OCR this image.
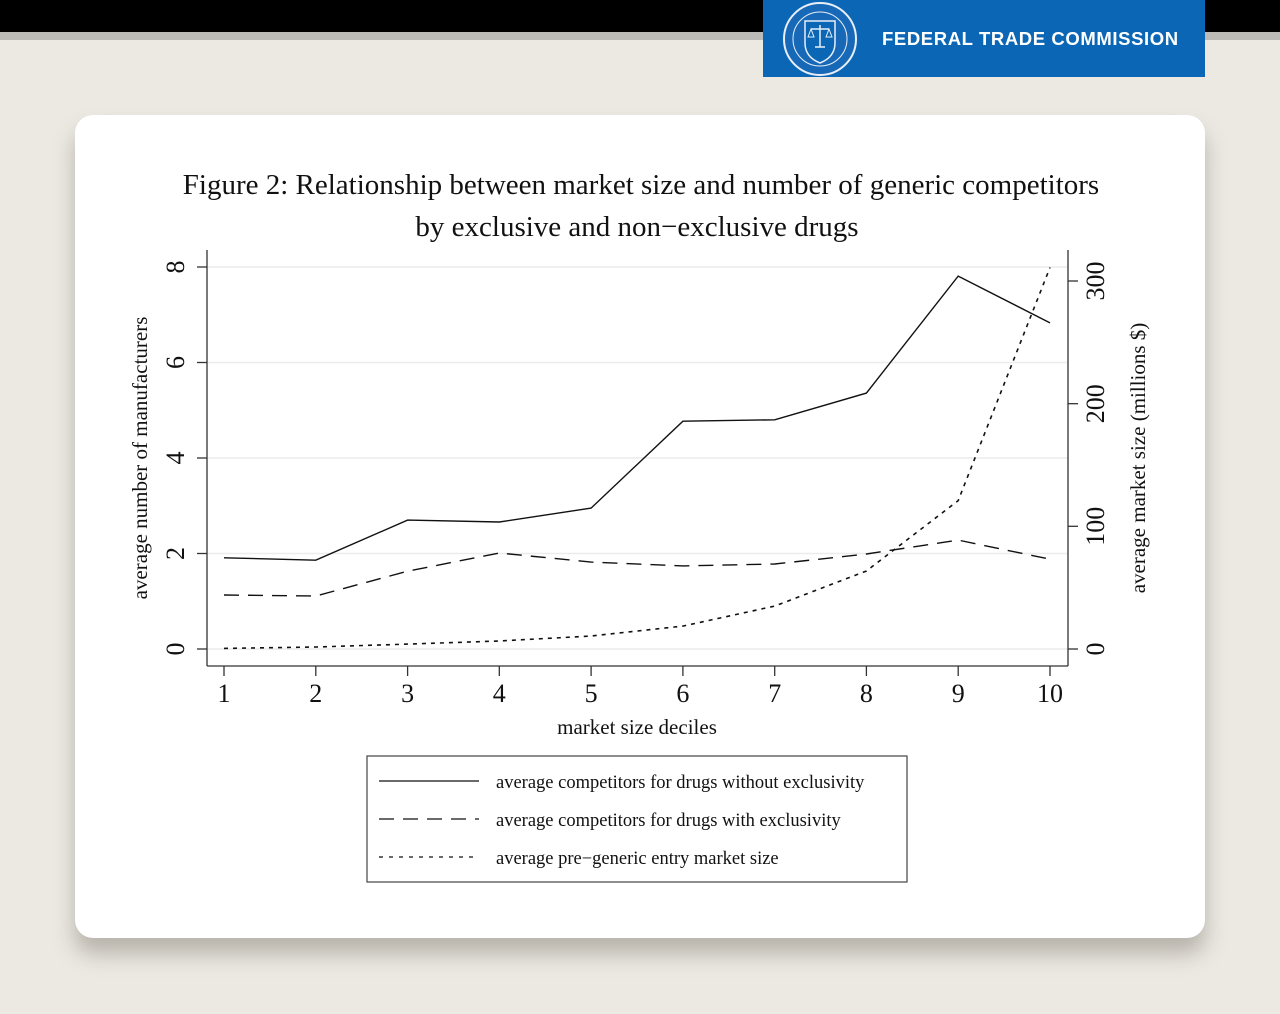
FEDERAL TRADE COMMISSION
Figure 2: Relationship between market size and number of generic competitors
by exclusive and non−exclusive drugs
0
2
4
6
8
average number of manufacturers
0
100
200
300
average market size (millions $)
1	2	3	4	5	6	7	8	9	10
market size deciles
average competitors for drugs without exclusivity
average competitors for drugs with exclusivity
average pre−generic entry market size
